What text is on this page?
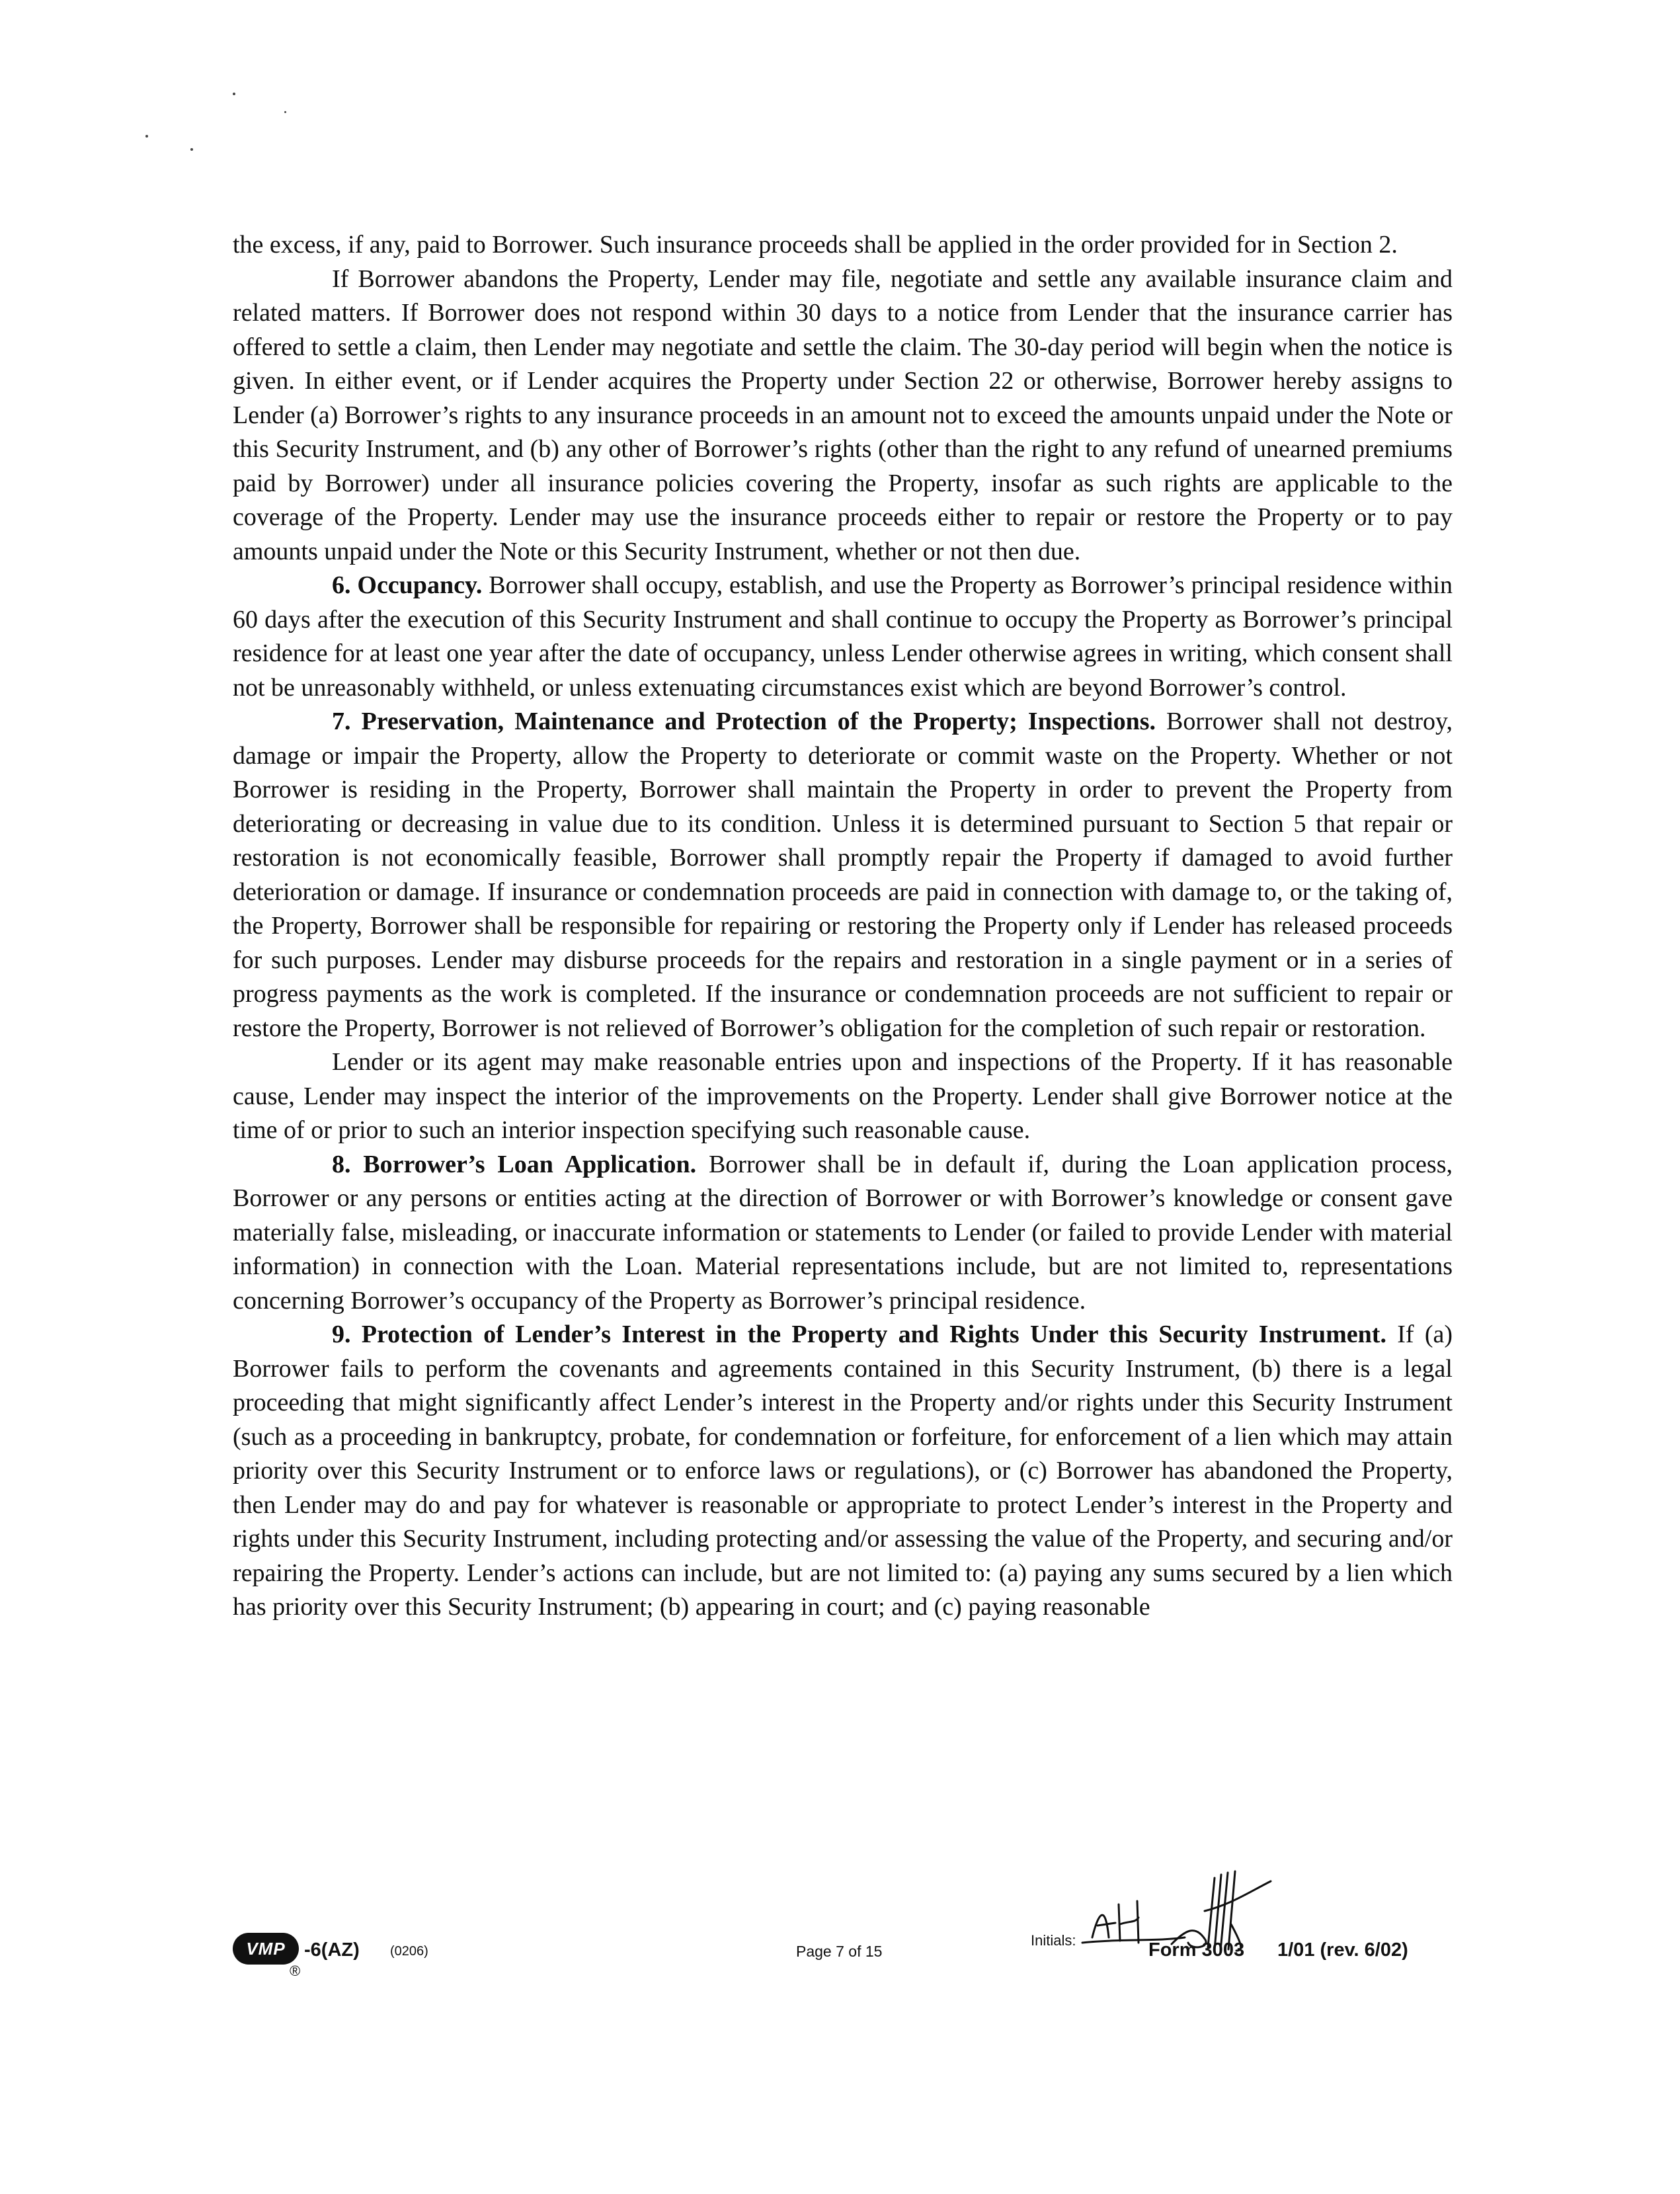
the excess, if any, paid to Borrower. Such insurance proceeds shall be applied in the order provided for in Section 2.

If Borrower abandons the Property, Lender may file, negotiate and settle any available insurance claim and related matters. If Borrower does not respond within 30 days to a notice from Lender that the insurance carrier has offered to settle a claim, then Lender may negotiate and settle the claim. The 30-day period will begin when the notice is given. In either event, or if Lender acquires the Property under Section 22 or otherwise, Borrower hereby assigns to Lender (a) Borrower’s rights to any insurance proceeds in an amount not to exceed the amounts unpaid under the Note or this Security Instrument, and (b) any other of Borrower’s rights (other than the right to any refund of unearned premiums paid by Borrower) under all insurance policies covering the Property, insofar as such rights are applicable to the coverage of the Property. Lender may use the insurance proceeds either to repair or restore the Property or to pay amounts unpaid under the Note or this Security Instrument, whether or not then due.

6. Occupancy. Borrower shall occupy, establish, and use the Property as Borrower’s principal residence within 60 days after the execution of this Security Instrument and shall continue to occupy the Property as Borrower’s principal residence for at least one year after the date of occupancy, unless Lender otherwise agrees in writing, which consent shall not be unreasonably withheld, or unless extenuating circumstances exist which are beyond Borrower’s control.

7. Preservation, Maintenance and Protection of the Property; Inspections. Borrower shall not destroy, damage or impair the Property, allow the Property to deteriorate or commit waste on the Property. Whether or not Borrower is residing in the Property, Borrower shall maintain the Property in order to prevent the Property from deteriorating or decreasing in value due to its condition. Unless it is determined pursuant to Section 5 that repair or restoration is not economically feasible, Borrower shall promptly repair the Property if damaged to avoid further deterioration or damage. If insurance or condemnation proceeds are paid in connection with damage to, or the taking of, the Property, Borrower shall be responsible for repairing or restoring the Property only if Lender has released proceeds for such purposes. Lender may disburse proceeds for the repairs and restoration in a single payment or in a series of progress payments as the work is completed. If the insurance or condemnation proceeds are not sufficient to repair or restore the Property, Borrower is not relieved of Borrower’s obligation for the completion of such repair or restoration.

Lender or its agent may make reasonable entries upon and inspections of the Property. If it has reasonable cause, Lender may inspect the interior of the improvements on the Property. Lender shall give Borrower notice at the time of or prior to such an interior inspection specifying such reasonable cause.

8. Borrower’s Loan Application. Borrower shall be in default if, during the Loan application process, Borrower or any persons or entities acting at the direction of Borrower or with Borrower’s knowledge or consent gave materially false, misleading, or inaccurate information or statements to Lender (or failed to provide Lender with material information) in connection with the Loan. Material representations include, but are not limited to, representations concerning Borrower’s occupancy of the Property as Borrower’s principal residence.

9. Protection of Lender’s Interest in the Property and Rights Under this Security Instrument. If (a) Borrower fails to perform the covenants and agreements contained in this Security Instrument, (b) there is a legal proceeding that might significantly affect Lender’s interest in the Property and/or rights under this Security Instrument (such as a proceeding in bankruptcy, probate, for condemnation or forfeiture, for enforcement of a lien which may attain priority over this Security Instrument or to enforce laws or regulations), or (c) Borrower has abandoned the Property, then Lender may do and pay for whatever is reasonable or appropriate to protect Lender’s interest in the Property and rights under this Security Instrument, including protecting and/or assessing the value of the Property, and securing and/or repairing the Property. Lender’s actions can include, but are not limited to: (a) paying any sums secured by a lien which has priority over this Security Instrument; (b) appearing in court; and (c) paying reasonable

VMP
®
-6(AZ) (0206)	Page 7 of 15
Initials:	Form 3003 1/01 (rev. 6/02)
